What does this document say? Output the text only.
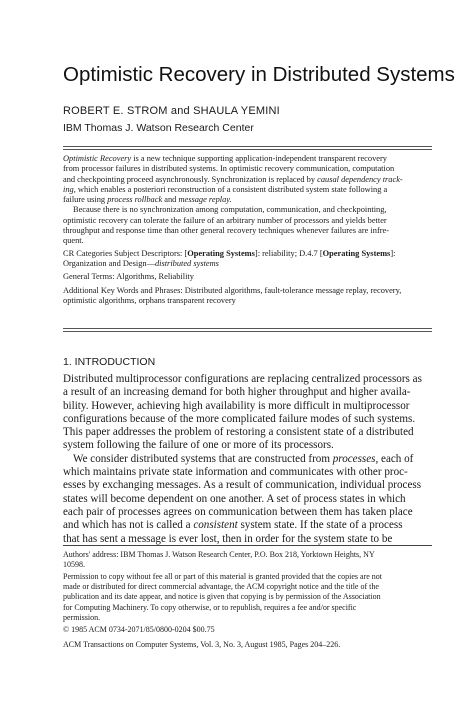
Optimistic Recovery in Distributed Systems
ROBERT E. STROM and SHAULA YEMINI
IBM Thomas J. Watson Research Center
Optimistic Recovery is a new technique supporting application-independent transparent recovery
from processor failures in distributed systems. In optimistic recovery communication, computation
and checkpointing proceed asynchronously. Synchronization is replaced by causal dependency track-
ing, which enables a posteriori reconstruction of a consistent distributed system state following a
failure using process rollback and message replay.
Because there is no synchronization among computation, communication, and checkpointing,
optimistic recovery can tolerate the failure of an arbitrary number of processors and yields better
throughput and response time than other general recovery techniques whenever failures are infre-
quent.
CR Categories Subject Descriptors: [Operating Systems]: reliability; D.4.7 [Operating Systems]:
Organization and Design—distributed systems
General Terms: Algorithms, Reliability
Additional Key Words and Phrases: Distributed algorithms, fault-tolerance message replay, recovery,
optimistic algorithms, orphans transparent recovery
1. INTRODUCTION
Distributed multiprocessor configurations are replacing centralized processors as
a result of an increasing demand for both higher throughput and higher availa-
bility. However, achieving high availability is more difficult in multiprocessor
configurations because of the more complicated failure modes of such systems.
This paper addresses the problem of restoring a consistent state of a distributed
system following the failure of one or more of its processors.
We consider distributed systems that are constructed from processes, each of
which maintains private state information and communicates with other proc-
esses by exchanging messages. As a result of communication, individual process
states will become dependent on one another. A set of process states in which
each pair of processes agrees on communication between them has taken place
and which has not is called a consistent system state. If the state of a process
that has sent a message is ever lost, then in order for the system state to be
Authors' address: IBM Thomas J. Watson Research Center, P.O. Box 218, Yorktown Heights, NY
10598.
Permission to copy without fee all or part of this material is granted provided that the copies are not
made or distributed for direct commercial advantage, the ACM copyright notice and the title of the
publication and its date appear, and notice is given that copying is by permission of the Association
for Computing Machinery. To copy otherwise, or to republish, requires a fee and/or specific
permission.
© 1985 ACM 0734-2071/85/0800-0204 $00.75
ACM Transactions on Computer Systems, Vol. 3, No. 3, August 1985, Pages 204–226.
